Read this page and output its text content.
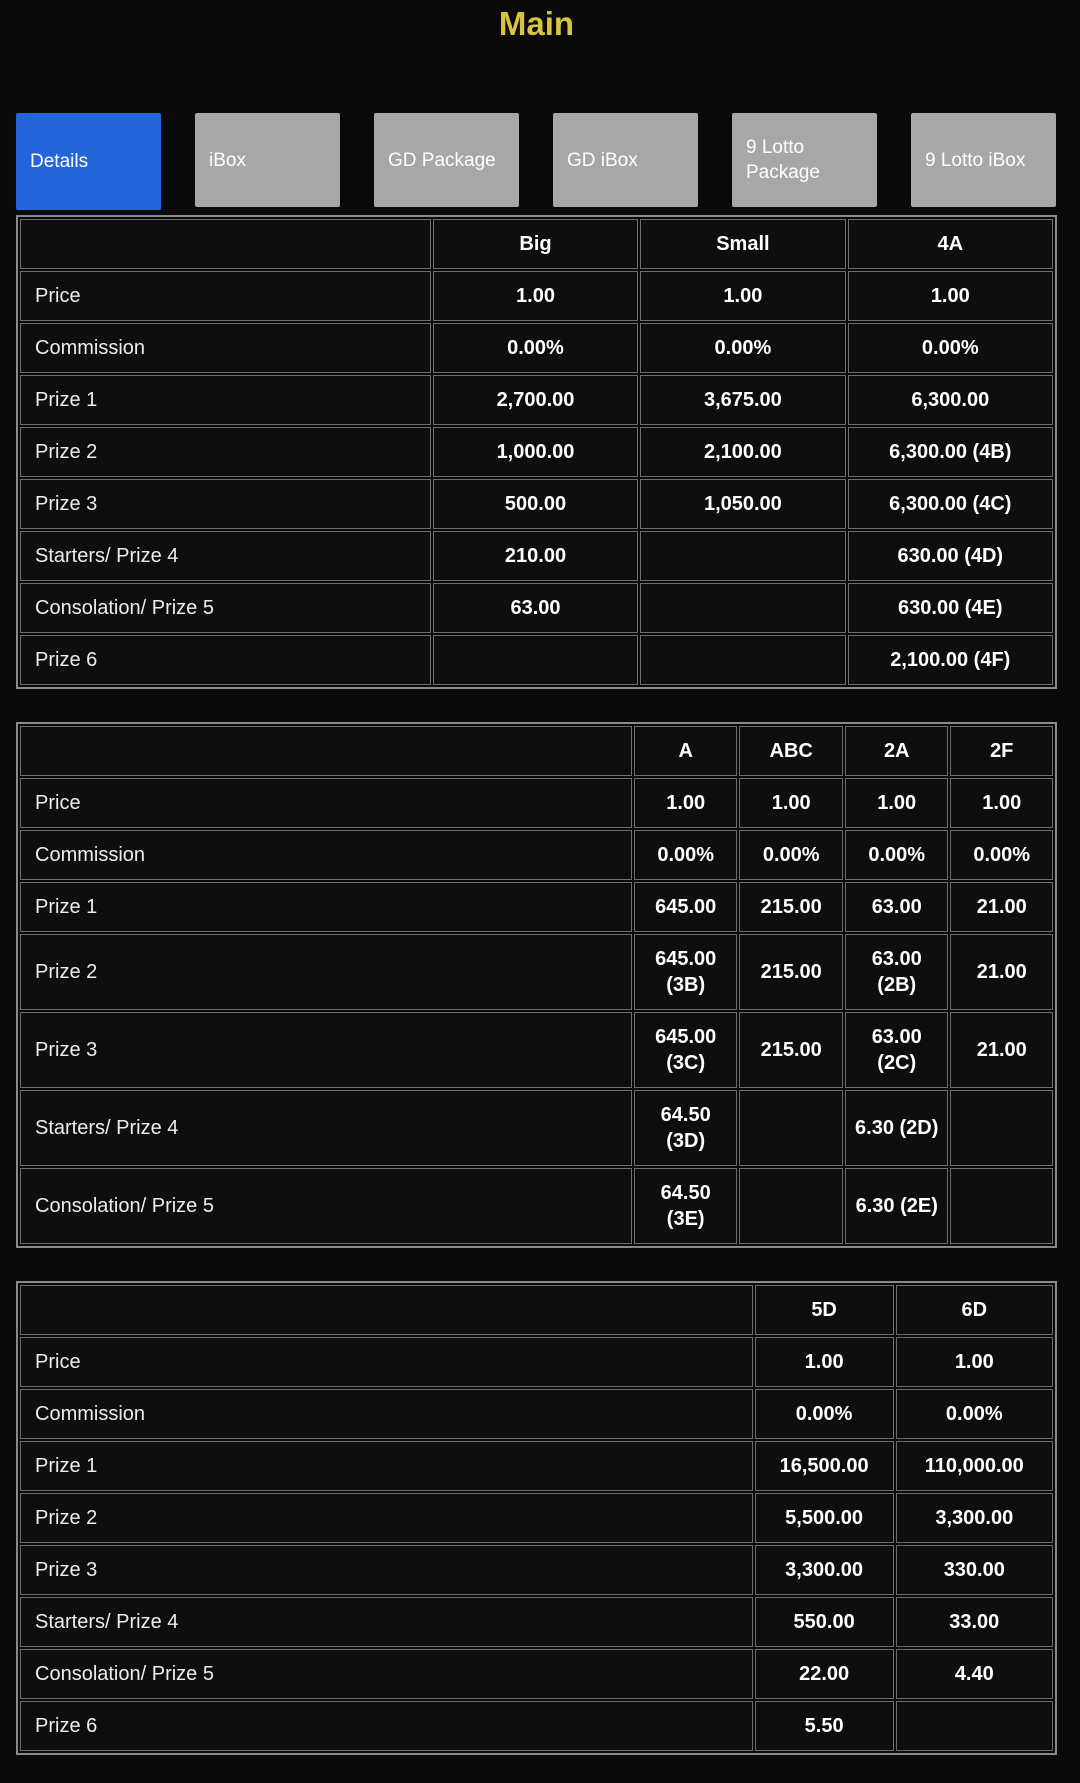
Main
Details	iBox	GD Package	GD iBox
9 Lotto Package
9 Lotto iBox
	Big	Small	4A
Price	1.00	1.00	1.00
Commission	0.00%	0.00%	0.00%
Prize 1	2,700.00	3,675.00	6,300.00
Prize 2	1,000.00	2,100.00	6,300.00 (4B)
Prize 3	500.00	1,050.00	6,300.00 (4C)
Starters/ Prize 4	210.00		630.00 (4D)
Consolation/ Prize 5	63.00		630.00 (4E)
Prize 6			2,100.00 (4F)
	A	ABC	2A	2F
Price	1.00	1.00	1.00	1.00
Commission	0.00%	0.00%	0.00%	0.00%
Prize 1	645.00	215.00	63.00	21.00
Prize 2	645.00 (3B)	215.00	63.00 (2B)	21.00
Prize 3	645.00 (3C)	215.00	63.00 (2C)	21.00
Starters/ Prize 4	64.50 (3D)		6.30 (2D)	
Consolation/ Prize 5	64.50 (3E)		6.30 (2E)	
	5D	6D
Price	1.00	1.00
Commission	0.00%	0.00%
Prize 1	16,500.00	110,000.00
Prize 2	5,500.00	3,300.00
Prize 3	3,300.00	330.00
Starters/ Prize 4	550.00	33.00
Consolation/ Prize 5	22.00	4.40
Prize 6	5.50	
